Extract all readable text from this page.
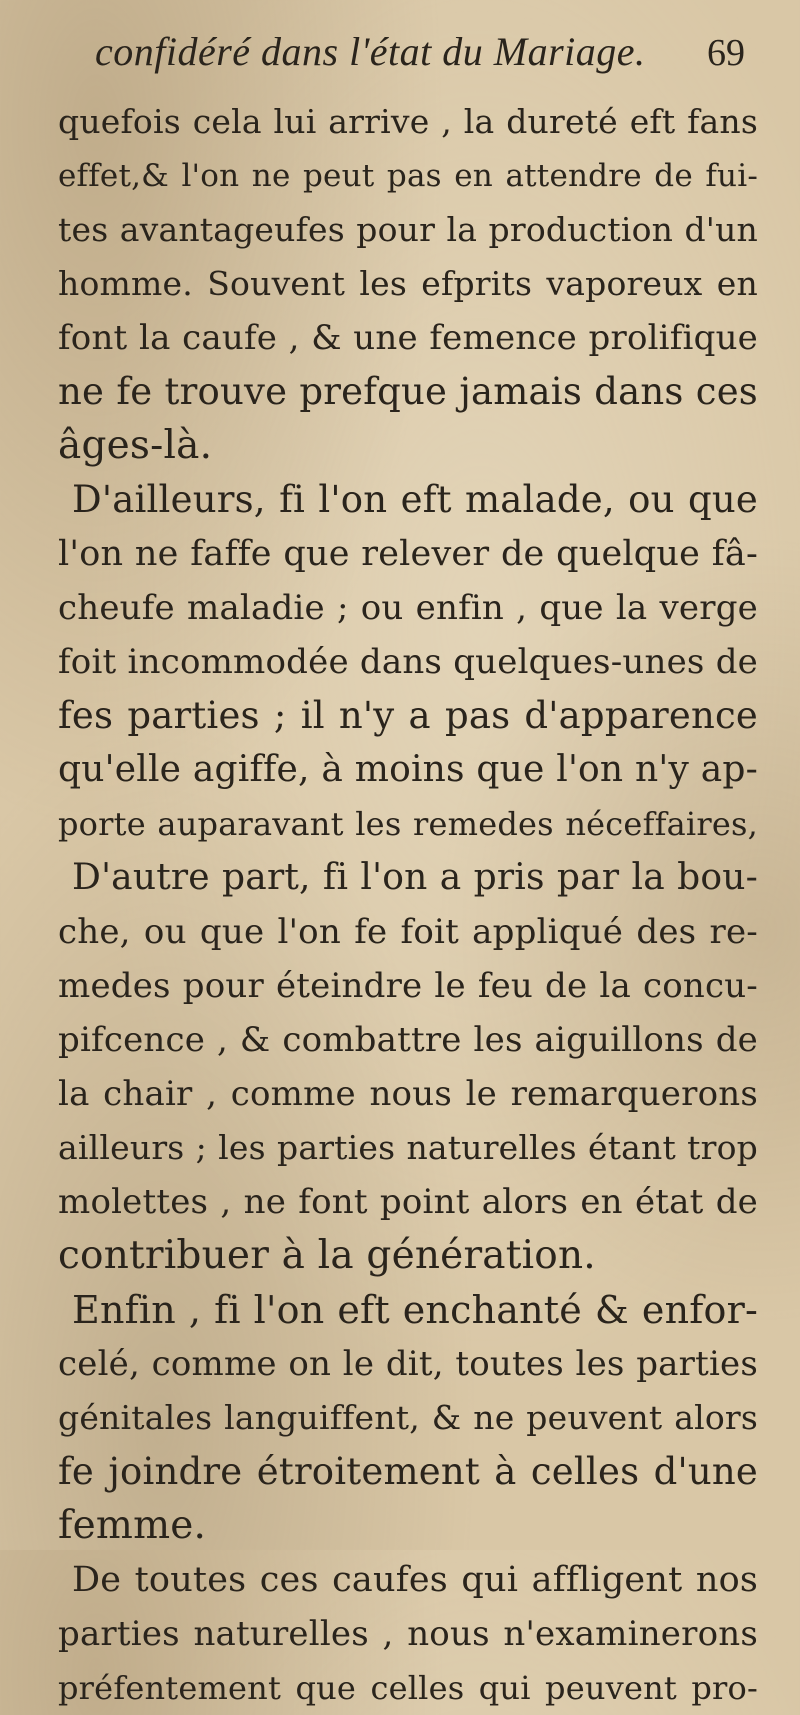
confidéré dans l'état du Mariage. 69
quefois cela lui arrive , la dureté eft fans
effet,& l'on ne peut pas en attendre de fui-
tes avantageufes pour la production d'un
homme. Souvent les efprits vaporeux en
font la caufe , & une femence prolifique
ne fe trouve prefque jamais dans ces
âges-là.
D'ailleurs, fi l'on eft malade, ou que
l'on ne faffe que relever de quelque fâ-
cheufe maladie ; ou enfin , que la verge
foit incommodée dans quelques-unes de
fes parties ; il n'y a pas d'apparence
qu'elle agiffe, à moins que l'on n'y ap-
porte auparavant les remedes néceffaires,
D'autre part, fi l'on a pris par la bou-
che, ou que l'on fe foit appliqué des re-
medes pour éteindre le feu de la concu-
pifcence , & combattre les aiguillons de
la chair , comme nous le remarquerons
ailleurs ; les parties naturelles étant trop
molettes , ne font point alors en état de
contribuer à la génération.
Enfin , fi l'on eft enchanté & enfor-
celé, comme on le dit, toutes les parties
génitales languiffent, & ne peuvent alors
fe joindre étroitement à celles d'une
femme.
De toutes ces caufes qui affligent nos
parties naturelles , nous n'examinerons
préfentement que celles qui peuvent pro-
